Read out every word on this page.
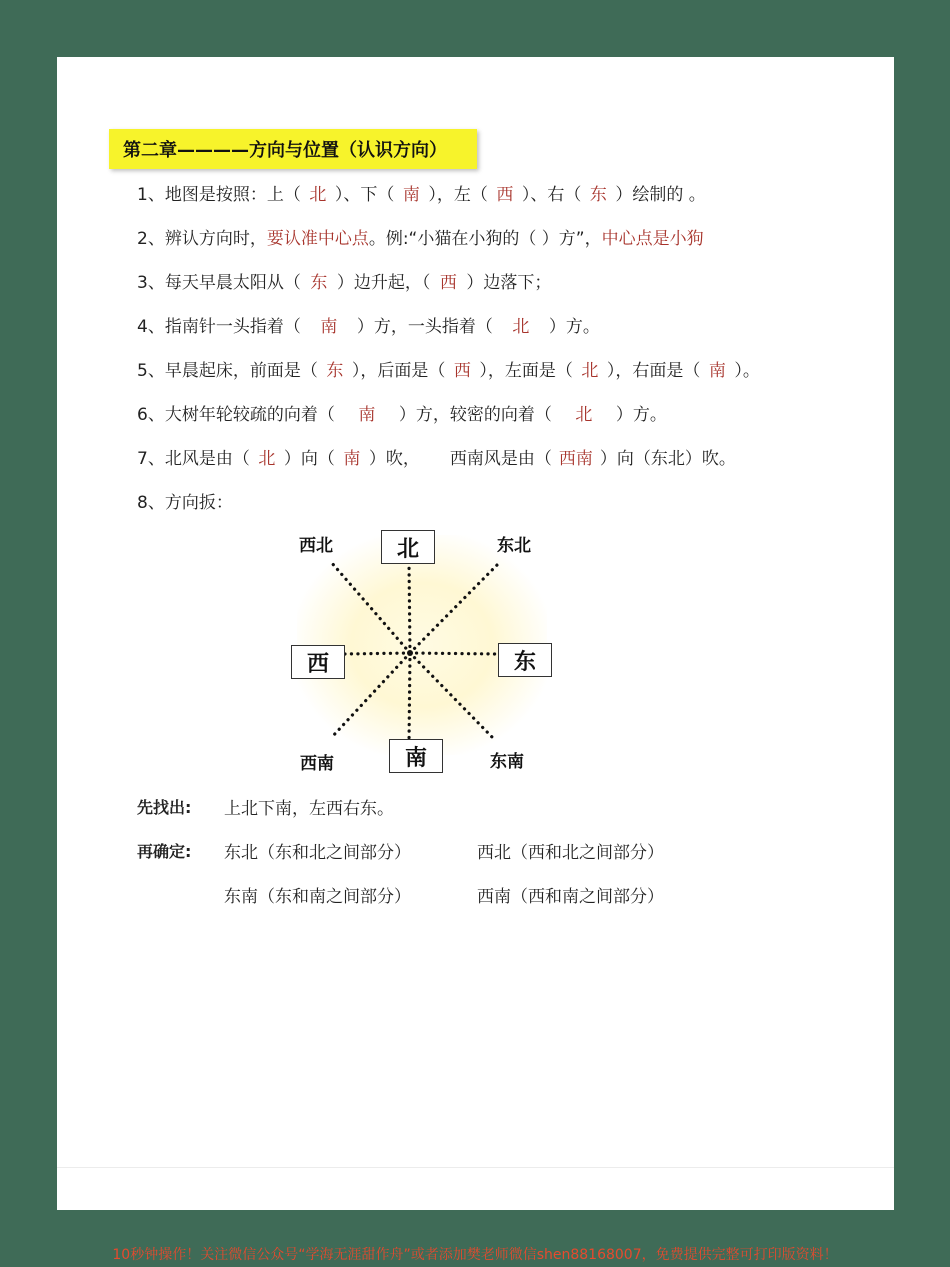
第二章————方向与位置（认识方向）
1、地图是按照：上（ 北 ）、下（ 南 ），左（ 西 ）、右（ 东 ）绘制的 。
2、辨认方向时，要认准中心点。例:“小猫在小狗的（ ）方”，中心点是小狗
3、每天早晨太阳从（ 东 ）边升起，（ 西 ）边落下；
4、指南针一头指着（ 南 ）方，一头指着（ 北 ）方。
5、早晨起床，前面是（ 东 ），后面是（ 西 ），左面是（ 北 ），右面是（ 南 ）。
6、大树年轮较疏的向着（ 南 ）方，较密的向着（ 北 ）方。
7、北风是由（ 北 ）向（ 南 ）吹， 西南风是由（ 西南 ）向（东北）吹。
8、方向扳：
北
南
西	东
西北	东北
西南	东南
先找出: 上北下南，左西右东。
再确定: 东北（东和北之间部分）	西北（西和北之间部分）
东南（东和南之间部分）	西南（西和南之间部分）
10秒钟操作！关注微信公众号“学海无涯甜作舟”或者添加樊老师微信shen88168007，免费提供完整可打印版资料！
